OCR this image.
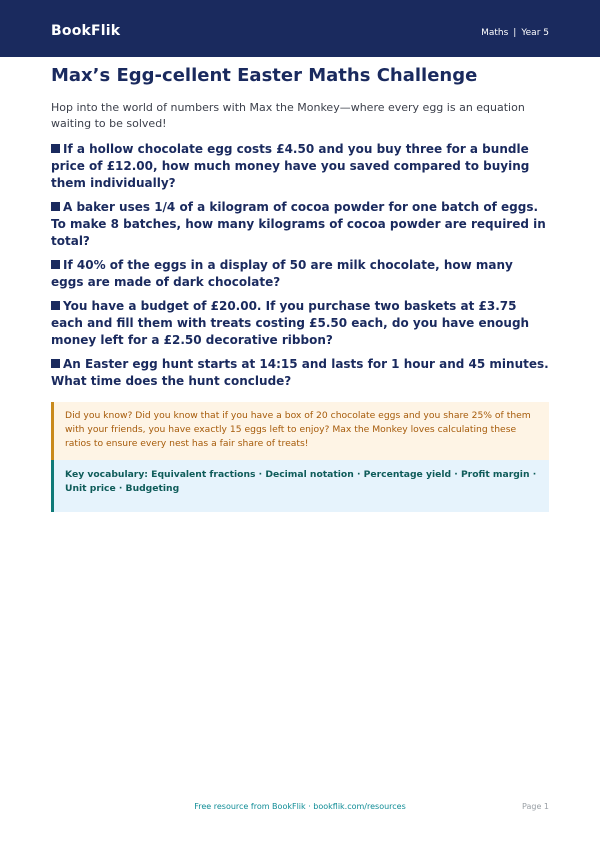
BookFlik	Maths | Year 5
Max’s Egg-cellent Easter Maths Challenge

Hop into the world of numbers with Max the Monkey—where every egg is an equation waiting to be solved!

If a hollow chocolate egg costs £4.50 and you buy three for a bundle price of £12.00, how much money have you saved compared to buying them individually?
A baker uses 1/4 of a kilogram of cocoa powder for one batch of eggs. To make 8 batches, how many kilograms of cocoa powder are required in total?
If 40% of the eggs in a display of 50 are milk chocolate, how many eggs are made of dark chocolate?
You have a budget of £20.00. If you purchase two baskets at £3.75 each and fill them with treats costing £5.50 each, do you have enough money left for a £2.50 decorative ribbon?
An Easter egg hunt starts at 14:15 and lasts for 1 hour and 45 minutes. What time does the hunt conclude?
Did you know? Did you know that if you have a box of 20 chocolate eggs and you share 25% of them with your friends, you have exactly 15 eggs left to enjoy? Max the Monkey loves calculating these ratios to ensure every nest has a fair share of treats!
Key vocabulary: Equivalent fractions · Decimal notation · Percentage yield · Profit margin · Unit price · Budgeting
Free resource from BookFlik · bookflik.com/resources	Page 1
